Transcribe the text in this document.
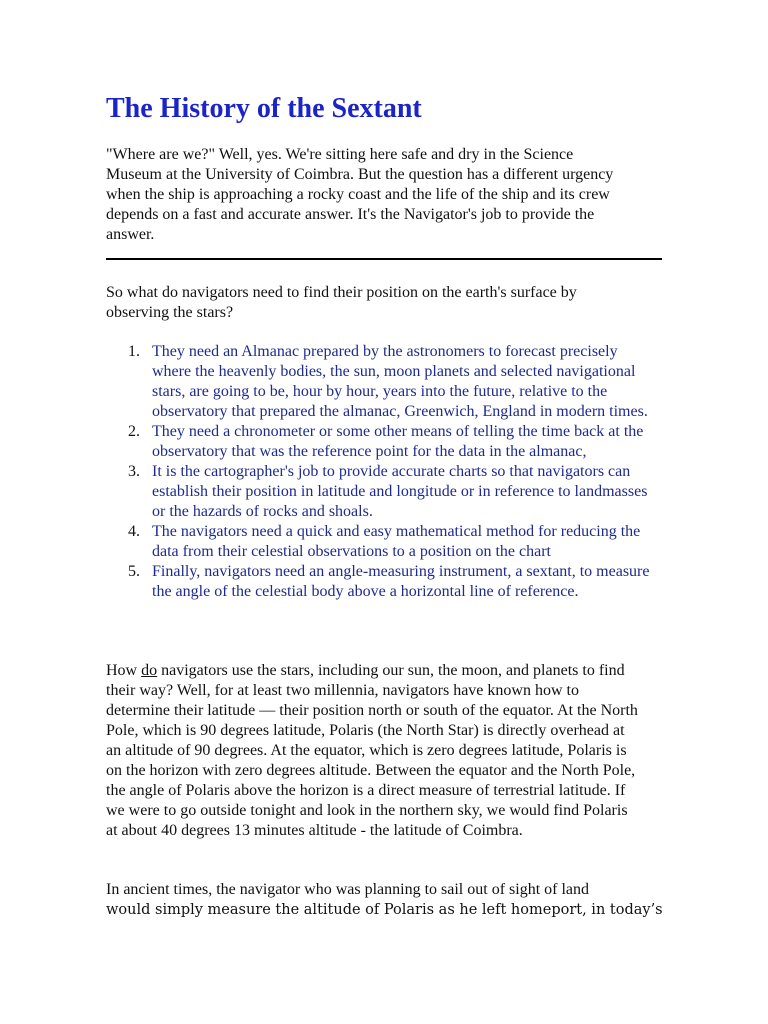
The History of the Sextant

"Where are we?" Well, yes. We're sitting here safe and dry in the Science Museum at the University of Coimbra. But the question has a different urgency when the ship is approaching a rocky coast and the life of the ship and its crew depends on a fast and accurate answer. It's the Navigator's job to provide the answer.

So what do navigators need to find their position on the earth's surface by observing the stars?

1. They need an Almanac prepared by the astronomers to forecast precisely where the heavenly bodies, the sun, moon planets and selected navigational stars, are going to be, hour by hour, years into the future, relative to the observatory that prepared the almanac, Greenwich, England in modern times.
2. They need a chronometer or some other means of telling the time back at the observatory that was the reference point for the data in the almanac,
3. It is the cartographer's job to provide accurate charts so that navigators can establish their position in latitude and longitude or in reference to landmasses or the hazards of rocks and shoals.
4. The navigators need a quick and easy mathematical method for reducing the data from their celestial observations to a position on the chart
5. Finally, navigators need an angle-measuring instrument, a sextant, to measure the angle of the celestial body above a horizontal line of reference.

How do navigators use the stars, including our sun, the moon, and planets to find their way? Well, for at least two millennia, navigators have known how to determine their latitude — their position north or south of the equator. At the North Pole, which is 90 degrees latitude, Polaris (the North Star) is directly overhead at an altitude of 90 degrees. At the equator, which is zero degrees latitude, Polaris is on the horizon with zero degrees altitude. Between the equator and the North Pole, the angle of Polaris above the horizon is a direct measure of terrestrial latitude. If we were to go outside tonight and look in the northern sky, we would find Polaris at about 40 degrees 13 minutes altitude - the latitude of Coimbra.

In ancient times, the navigator who was planning to sail out of sight of land

would simply measure the altitude of Polaris as he left homeport, in today’s
